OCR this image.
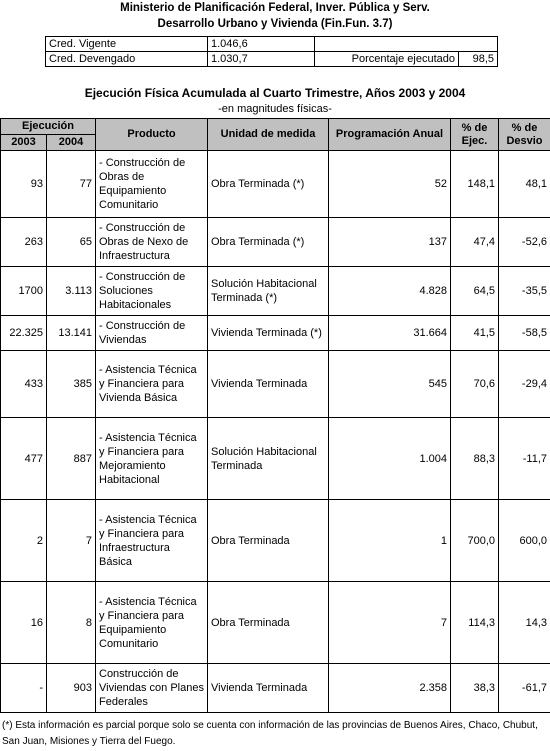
Ministerio de Planificación Federal, Inver. Pública y Serv.
Desarrollo Urbano y Vivienda (Fin.Fun. 3.7)
Cred. Vigente	1.046,6		
Cred. Devengado	1.030,7	Porcentaje ejecutado	98,5
Ejecución Física Acumulada al Cuarto Trimestre, Años 2003 y 2004
-en magnitudes físicas-
Ejecución		Producto	Unidad de medida	Programación Anual	% de Ejec.	% de Desvio
2003	2004					
93	77	- Construcción de Obras de Equipamiento Comunitario	Obra Terminada (*)	52	148,1	48,1
263	65	- Construcción de Obras de Nexo de Infraestructura	Obra Terminada (*)	137	47,4	-52,6
1700	3.113	- Construcción de Soluciones Habitacionales	Solución Habitacional Terminada (*)	4.828	64,5	-35,5
22.325	13.141	- Construcción de Viviendas	Vivienda Terminada (*)	31.664	41,5	-58,5
433	385	- Asistencia Técnica y Financiera para Vivienda Básica	Vivienda Terminada	545	70,6	-29,4
477	887	- Asistencia Técnica y Financiera para Mejoramiento Habitacional	Solución Habitacional Terminada	1.004	88,3	-11,7
2	7	- Asistencia Técnica y Financiera para Infraestructura Básica	Obra Terminada	1	700,0	600,0
16	8	- Asistencia Técnica y Financiera para Equipamiento Comunitario	Obra Terminada	7	114,3	14,3
-	903	Construcción de Viviendas con Planes Federales	Vivienda Terminada	2.358	38,3	-61,7
(*) Esta información es parcial porque solo se cuenta con información de las provincias de Buenos Aires, Chaco, Chubut, San Juan, Misiones y Tierra del Fuego.
